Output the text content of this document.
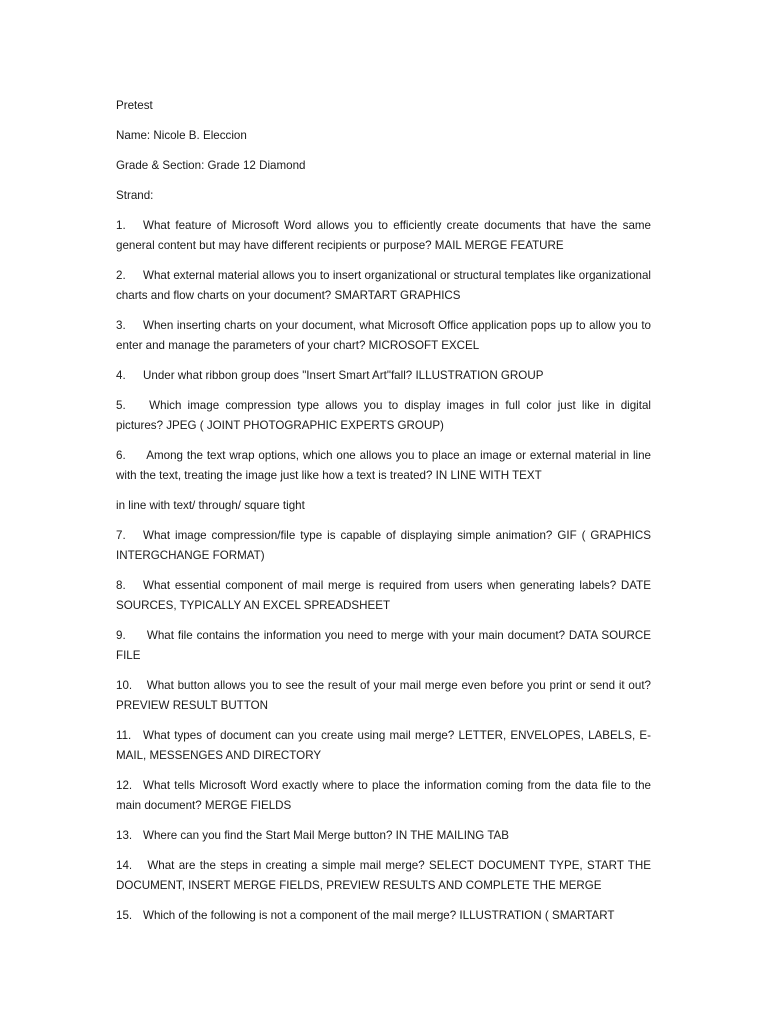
Pretest

Name: Nicole B. Eleccion

Grade & Section: Grade 12 Diamond

Strand:

1. What feature of Microsoft Word allows you to efficiently create documents that have the same general content but may have different recipients or purpose? MAIL MERGE FEATURE

2. What external material allows you to insert organizational or structural templates like organizational charts and flow charts on your document? SMARTART GRAPHICS

3. When inserting charts on your document, what Microsoft Office application pops up to allow you to enter and manage the parameters of your chart? MICROSOFT EXCEL

4. Under what ribbon group does "Insert Smart Art"fall? ILLUSTRATION GROUP

5. Which image compression type allows you to display images in full color just like in digital pictures? JPEG ( JOINT PHOTOGRAPHIC EXPERTS GROUP)

6. Among the text wrap options, which one allows you to place an image or external material in line with the text, treating the image just like how a text is treated? IN LINE WITH TEXT

in line with text/ through/ square tight

7. What image compression/file type is capable of displaying simple animation? GIF ( GRAPHICS INTERGCHANGE FORMAT)

8. What essential component of mail merge is required from users when generating labels? DATE SOURCES, TYPICALLY AN EXCEL SPREADSHEET

9. What file contains the information you need to merge with your main document? DATA SOURCE FILE

10. What button allows you to see the result of your mail merge even before you print or send it out? PREVIEW RESULT BUTTON

11. What types of document can you create using mail merge? LETTER, ENVELOPES, LABELS, E-MAIL, MESSENGES AND DIRECTORY

12. What tells Microsoft Word exactly where to place the information coming from the data file to the main document? MERGE FIELDS

13. Where can you find the Start Mail Merge button? IN THE MAILING TAB

14. What are the steps in creating a simple mail merge? SELECT DOCUMENT TYPE, START THE DOCUMENT, INSERT MERGE FIELDS, PREVIEW RESULTS AND COMPLETE THE MERGE

15. Which of the following is not a component of the mail merge? ILLUSTRATION ( SMARTART
